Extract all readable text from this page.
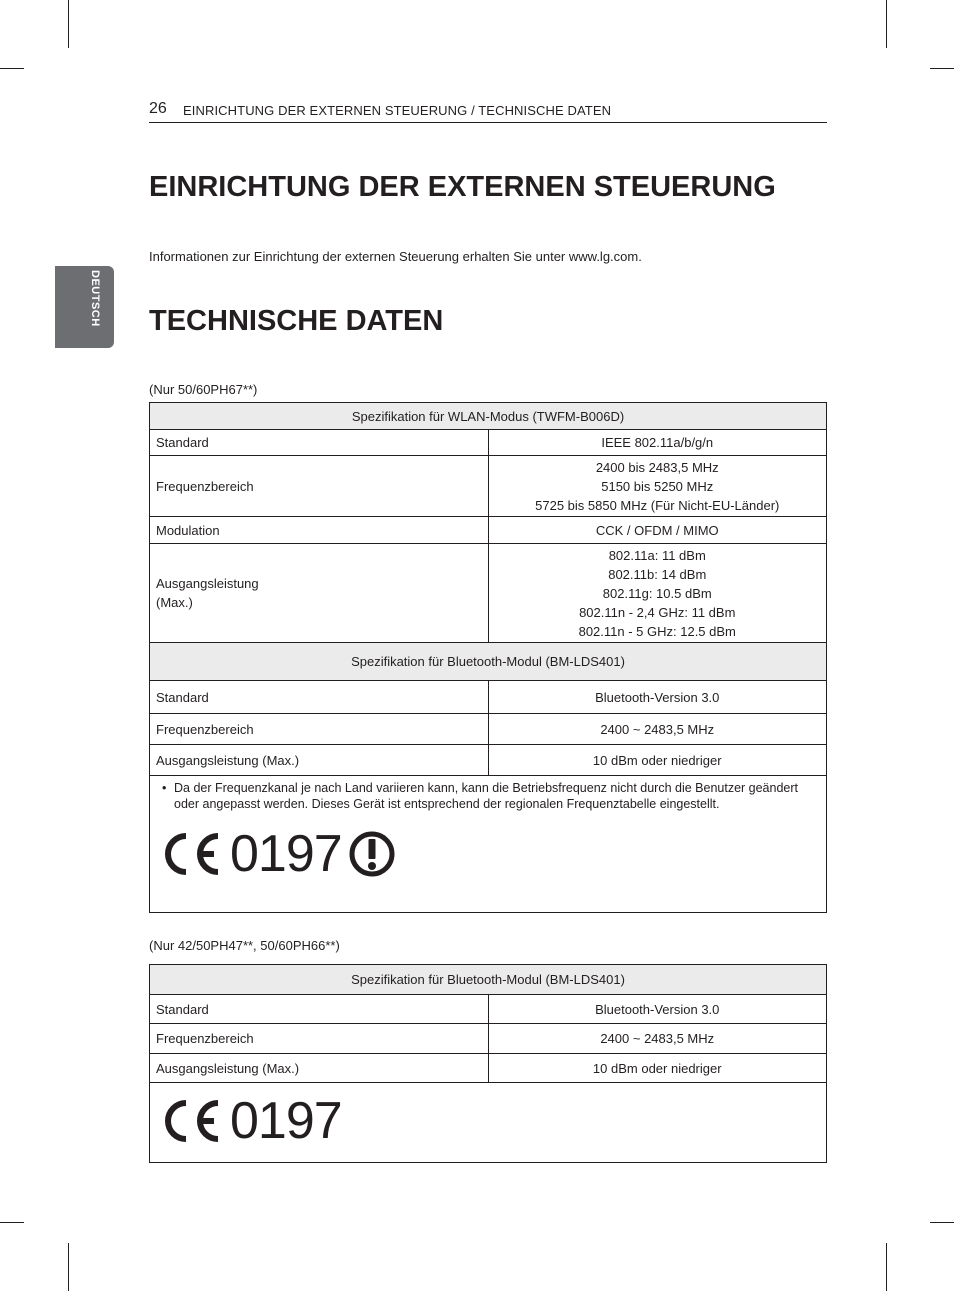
26 EINRICHTUNG DER EXTERNEN STEUERUNG / TECHNISCHE DATEN
DEUTSCH
EINRICHTUNG DER EXTERNEN STEUERUNG

Informationen zur Einrichtung der externen Steuerung erhalten Sie unter www.lg.com.

TECHNISCHE DATEN
(Nur 50/60PH67**)
Spezifikation für WLAN-Modus (TWFM-B006D)	
Standard	IEEE 802.11a/b/g/n
Frequenzbereich	2400 bis 2483,5 MHz
5150 bis 5250 MHz
5725 bis 5850 MHz (Für Nicht-EU-Länder)

Modulation	CCK / OFDM / MIMO

Ausgangsleistung
(Max.)	802.11a: 11 dBm
802.11b: 14 dBm
802.11g: 10.5 dBm
802.11n - 2,4 GHz: 11 dBm
802.11n - 5 GHz: 12.5 dBm

Spezifikation für Bluetooth-Modul (BM-LDS401)	
Standard	Bluetooth-Version 3.0
Frequenzbereich	2400 ~ 2483,5 MHz
Ausgangsleistung (Max.)	10 dBm oder niedriger

• Da der Frequenzkanal je nach Land variieren kann, kann die Betriebsfrequenz nicht durch die Benutzer geändert oder angepasst werden. Dieses Gerät ist entsprechend der regionalen Frequenztabelle eingestellt.
0197	
(Nur 42/50PH47**, 50/60PH66**)
Spezifikation für Bluetooth-Modul (BM-LDS401)	
Standard	Bluetooth-Version 3.0
Frequenzbereich	2400 ~ 2483,5 MHz
Ausgangsleistung (Max.)	10 dBm oder niedriger

0197	
